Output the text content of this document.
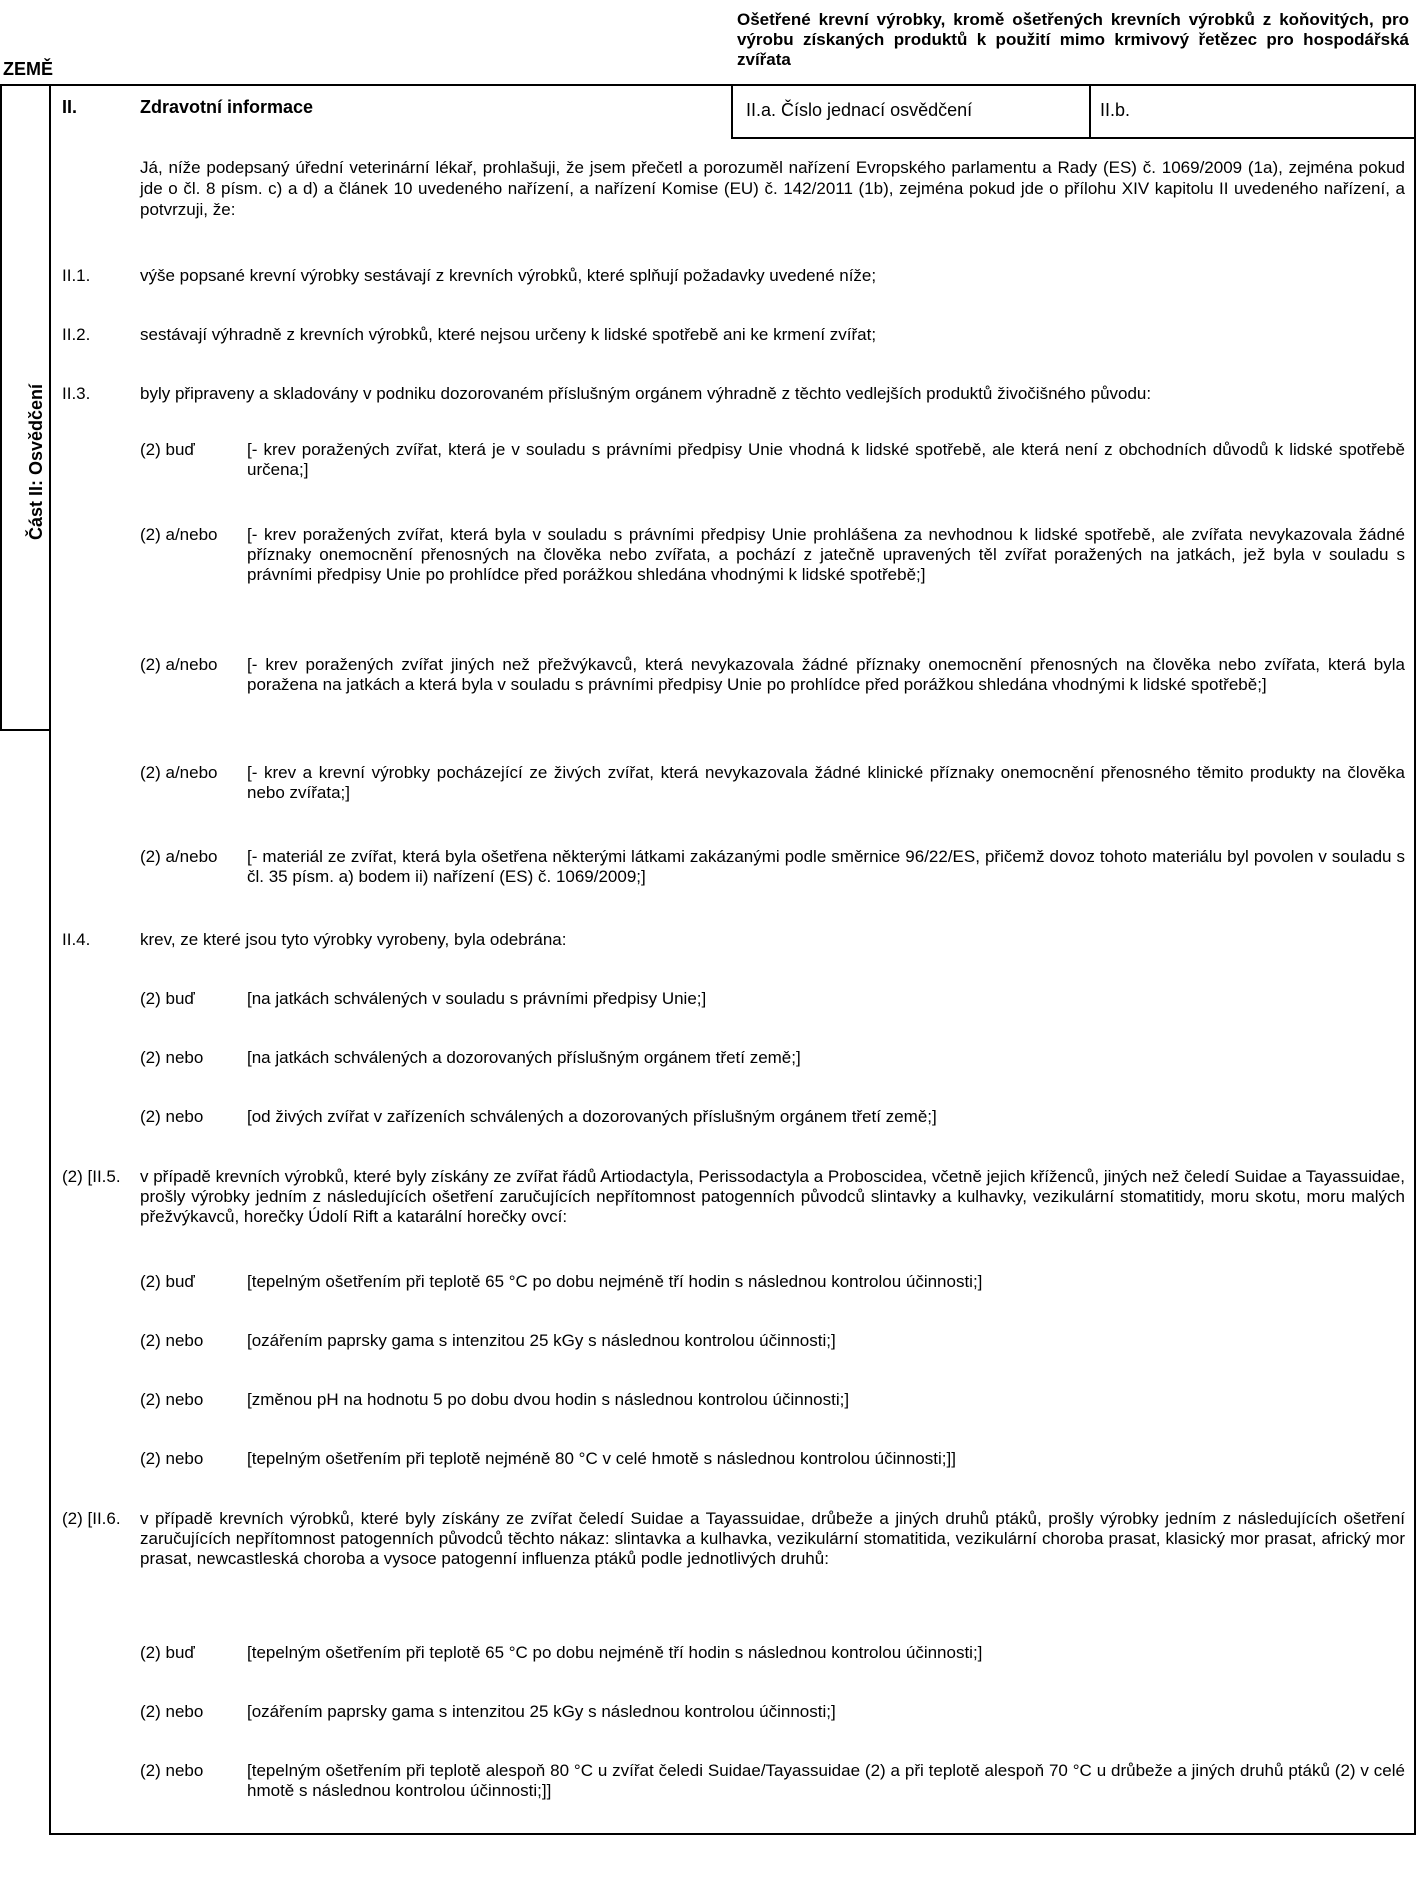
Ošetřené krevní výrobky, kromě ošetřených krevních výrobků z koňovitých, pro výrobu získaných produktů k použití mimo krmivový řetězec pro hospodářská zvířata
ZEMĚ
Část II: Osvědčení
II.	Zdravotní informace	II.a. Číslo jednací osvědčení	II.b.
Já, níže podepsaný úřední veterinární lékař, prohlašuji, že jsem přečetl a porozuměl nařízení Evropského parlamentu a Rady (ES) č. 1069/2009 (1a), zejména pokud jde o čl. 8 písm. c) a d) a článek 10 uvedeného nařízení, a nařízení Komise (EU) č. 142/2011 (1b), zejména pokud jde o přílohu XIV kapitolu II uvedeného nařízení, a potvrzuji, že:
II.1.	výše popsané krevní výrobky sestávají z krevních výrobků, které splňují požadavky uvedené níže;
II.2.	sestávají výhradně z krevních výrobků, které nejsou určeny k lidské spotřebě ani ke krmení zvířat;
II.3.	byly připraveny a skladovány v podniku dozorovaném příslušným orgánem výhradně z těchto vedlejších produktů živočišného původu:
(2) buď	[- krev poražených zvířat, která je v souladu s právními předpisy Unie vhodná k lidské spotřebě, ale která není z obchodních důvodů k lidské spotřebě určena;]
(2) a/nebo [- krev poražených zvířat, která byla v souladu s právními předpisy Unie prohlášena za nevhodnou k lidské spotřebě, ale zvířata nevykazovala žádné příznaky onemocnění přenosných na člověka nebo zvířata, a pochází z jatečně upravených těl zvířat poražených na jatkách, jež byla v souladu s právními předpisy Unie po prohlídce před porážkou shledána vhodnými k lidské spotřebě;]
(2) a/nebo [- krev poražených zvířat jiných než přežvýkavců, která nevykazovala žádné příznaky onemocnění přenosných na člověka nebo zvířata, která byla poražena na jatkách a která byla v souladu s právními předpisy Unie po prohlídce před porážkou shledána vhodnými k lidské spotřebě;]
(2) a/nebo [- krev a krevní výrobky pocházející ze živých zvířat, která nevykazovala žádné klinické příznaky onemocnění přenosného těmito produkty na člověka nebo zvířata;]
(2) a/nebo [- materiál ze zvířat, která byla ošetřena některými látkami zakázanými podle směrnice 96/22/ES, přičemž dovoz tohoto materiálu byl povolen v souladu s čl. 35 písm. a) bodem ii) nařízení (ES) č. 1069/2009;]
II.4.	krev, ze které jsou tyto výrobky vyrobeny, byla odebrána:
(2) buď	[na jatkách schválených v souladu s právními předpisy Unie;]
(2) nebo	[na jatkách schválených a dozorovaných příslušným orgánem třetí země;]
(2) nebo	[od živých zvířat v zařízeních schválených a dozorovaných příslušným orgánem třetí země;]
(2) [II.5. v případě krevních výrobků, které byly získány ze zvířat řádů Artiodactyla, Perissodactyla a Proboscidea, včetně jejich kříženců, jiných než čeledí Suidae a Tayassuidae, prošly výrobky jedním z následujících ošetření zaručujících nepřítomnost patogenních původců slintavky a kulhavky, vezikulární stomatitidy, moru skotu, moru malých přežvýkavců, horečky Údolí Rift a katarální horečky ovcí:
(2) buď	[tepelným ošetřením při teplotě 65 °C po dobu nejméně tří hodin s následnou kontrolou účinnosti;]
(2) nebo	[ozářením paprsky gama s intenzitou 25 kGy s následnou kontrolou účinnosti;]
(2) nebo	[změnou pH na hodnotu 5 po dobu dvou hodin s následnou kontrolou účinnosti;]
(2) nebo	[tepelným ošetřením při teplotě nejméně 80 °C v celé hmotě s následnou kontrolou účinnosti;]]
(2) [II.6. v případě krevních výrobků, které byly získány ze zvířat čeledí Suidae a Tayassuidae, drůbeže a jiných druhů ptáků, prošly výrobky jedním z následujících ošetření zaručujících nepřítomnost patogenních původců těchto nákaz: slintavka a kulhavka, vezikulární stomatitida, vezikulární choroba prasat, klasický mor prasat, africký mor prasat, newcastleská choroba a vysoce patogenní influenza ptáků podle jednotlivých druhů:
(2) buď	[tepelným ošetřením při teplotě 65 °C po dobu nejméně tří hodin s následnou kontrolou účinnosti;]
(2) nebo	[ozářením paprsky gama s intenzitou 25 kGy s následnou kontrolou účinnosti;]
(2) nebo	[tepelným ošetřením při teplotě alespoň 80 °C u zvířat čeledi Suidae/Tayassuidae (2) a při teplotě alespoň 70 °C u drůbeže a jiných druhů ptáků (2) v celé hmotě s následnou kontrolou účinnosti;]]
